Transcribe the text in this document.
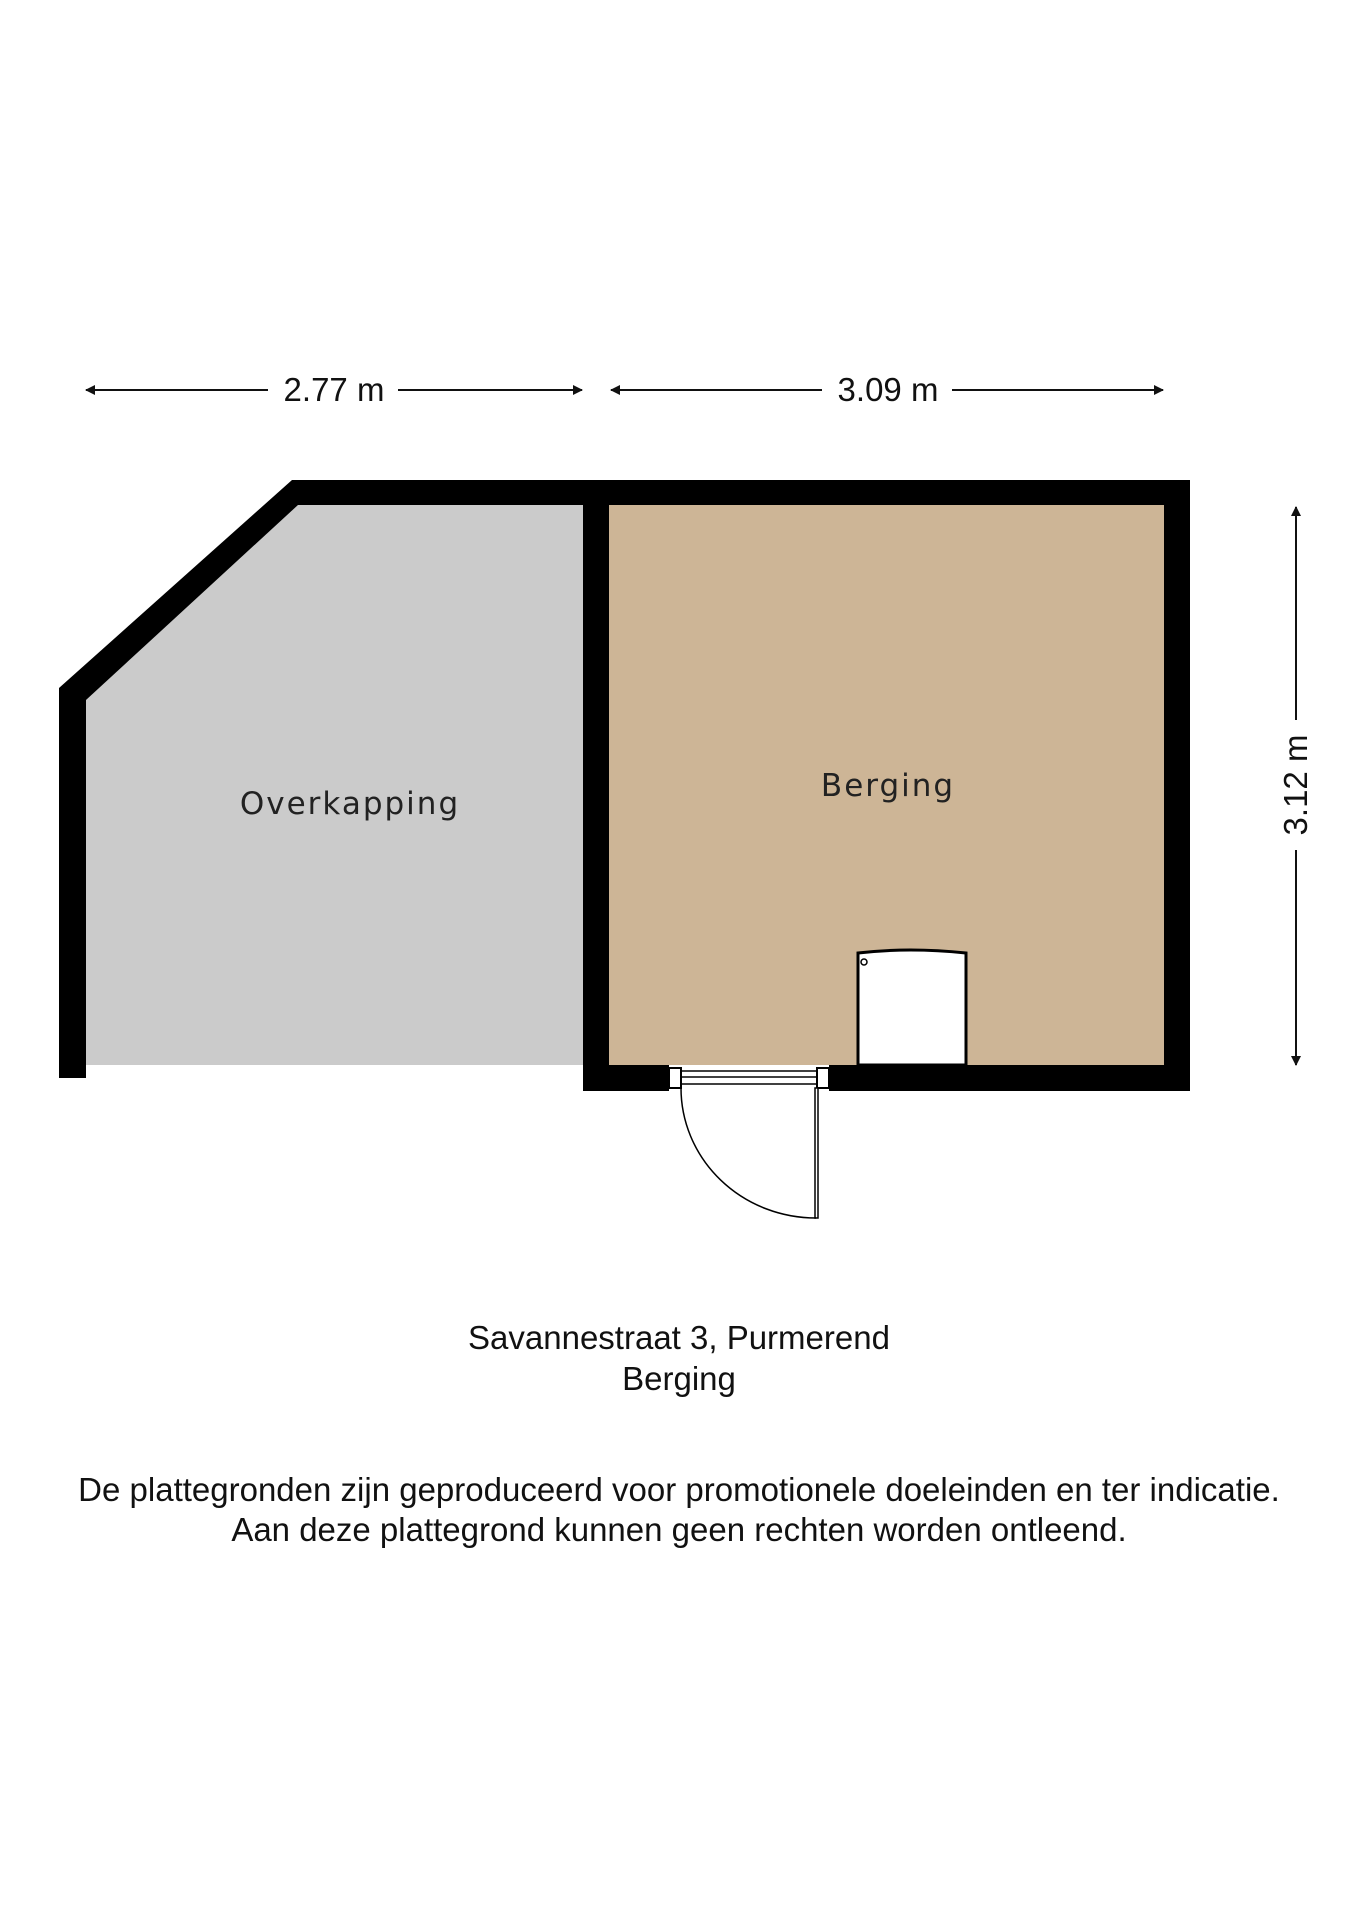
2.77 m	3.09 m
3.12 m
Overkapping	Berging
Savannestraat 3, Purmerend
Berging
De plattegronden zijn geproduceerd voor promotionele doeleinden en ter indicatie.
Aan deze plattegrond kunnen geen rechten worden ontleend.
